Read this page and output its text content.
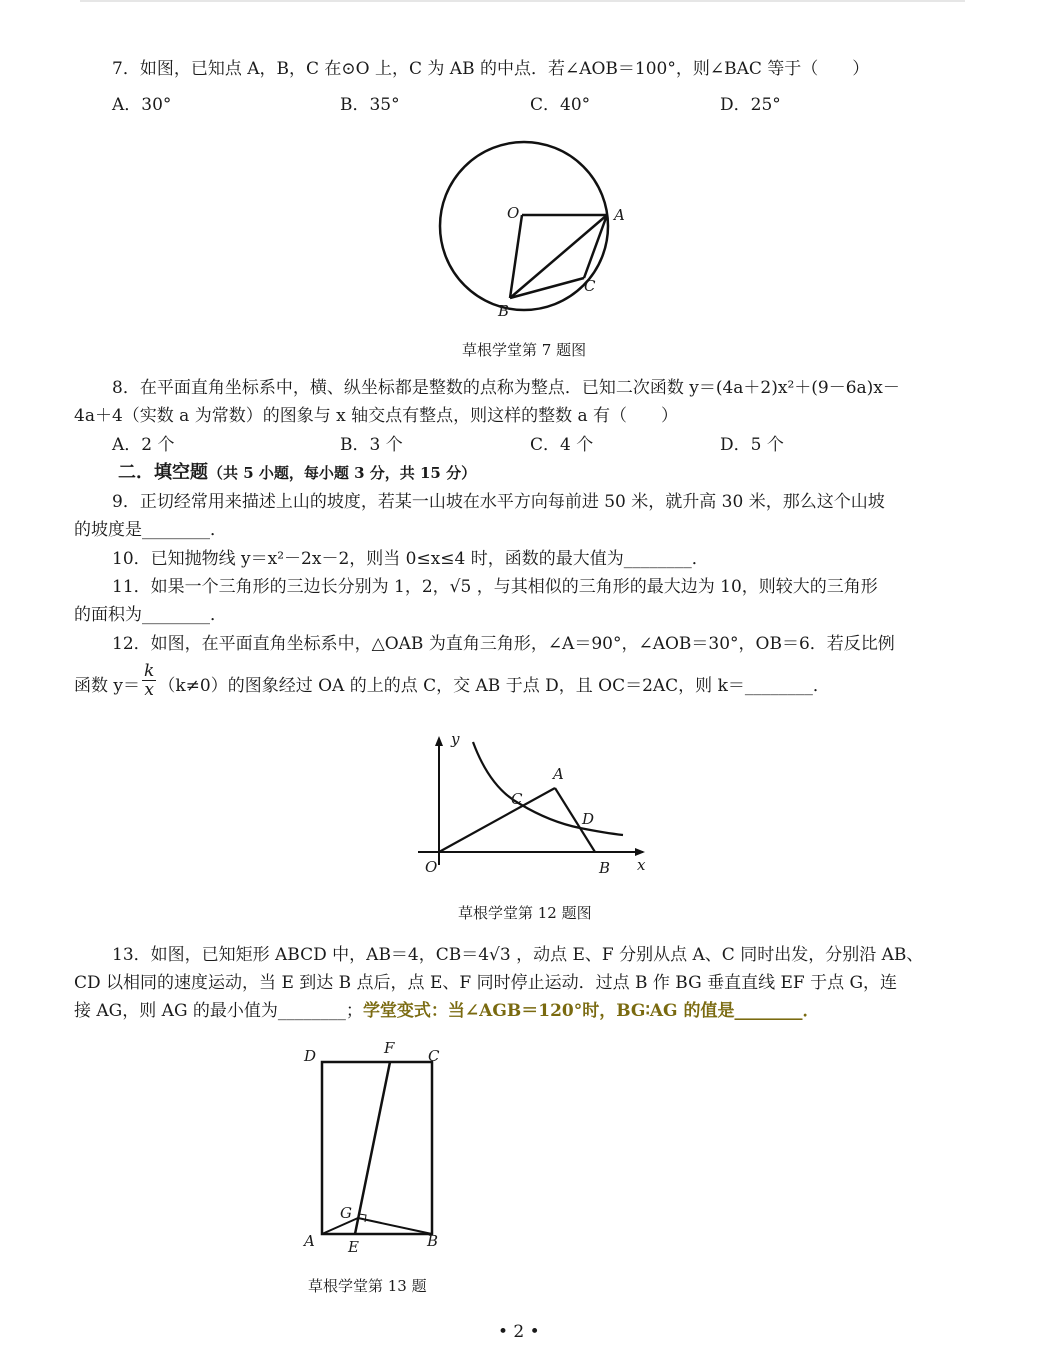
7．如图，已知点 A，B，C 在⊙O 上，C 为 AB 的中点．若∠AOB＝100°，则∠BAC 等于（　　）
A．30°	B．35°	C．40°	D．25°
O	A
B
C
草根学堂第 7 题图
8．在平面直角坐标系中，横、纵坐标都是整数的点称为整点．已知二次函数 y＝(4a＋2)x²＋(9－6a)x－
4a＋4（实数 a 为常数）的图象与 x 轴交点有整点，则这样的整数 a 有（　　）
A．2 个	B．3 个	C．4 个	D．5 个
二．填空题（共 5 小题，每小题 3 分，共 15 分）
9．正切经常用来描述上山的坡度，若某一山坡在水平方向每前进 50 米，就升高 30 米，那么这个山坡
的坡度是________．
10．已知抛物线 y＝x²－2x－2，则当 0≤x≤4 时，函数的最大值为________．
11．如果一个三角形的三边长分别为 1，2，√5 ，与其相似的三角形的最大边为 10，则较大的三角形
的面积为________．
12．如图，在平面直角坐标系中，△OAB 为直角三角形，∠A＝90°，∠AOB＝30°，OB＝6．若反比例
函数 $y= \frac{k}{x} (k\ne 0)$的图象经过 OA 的上的点 C，交 AB 于点 D，且 OC＝2AC，则 k＝________．
y
x
O
A
B
C
D
草根学堂第 12 题图
13．如图，已知矩形 ABCD 中，AB＝4，CB＝4√3 ，动点 E、F 分别从点 A、C 同时出发，分别沿 AB、
CD 以相同的速度运动，当 E 到达 B 点后，点 E、F 同时停止运动．过点 B 作 BG 垂直直线 EF 于点 G，连
接 AG，则 AG 的最小值为________；学堂变式：当∠AGB＝120°时，BG∶AG 的值是________．
D	F C
G
A E	B
草根学堂第 13 题
• 2 •
